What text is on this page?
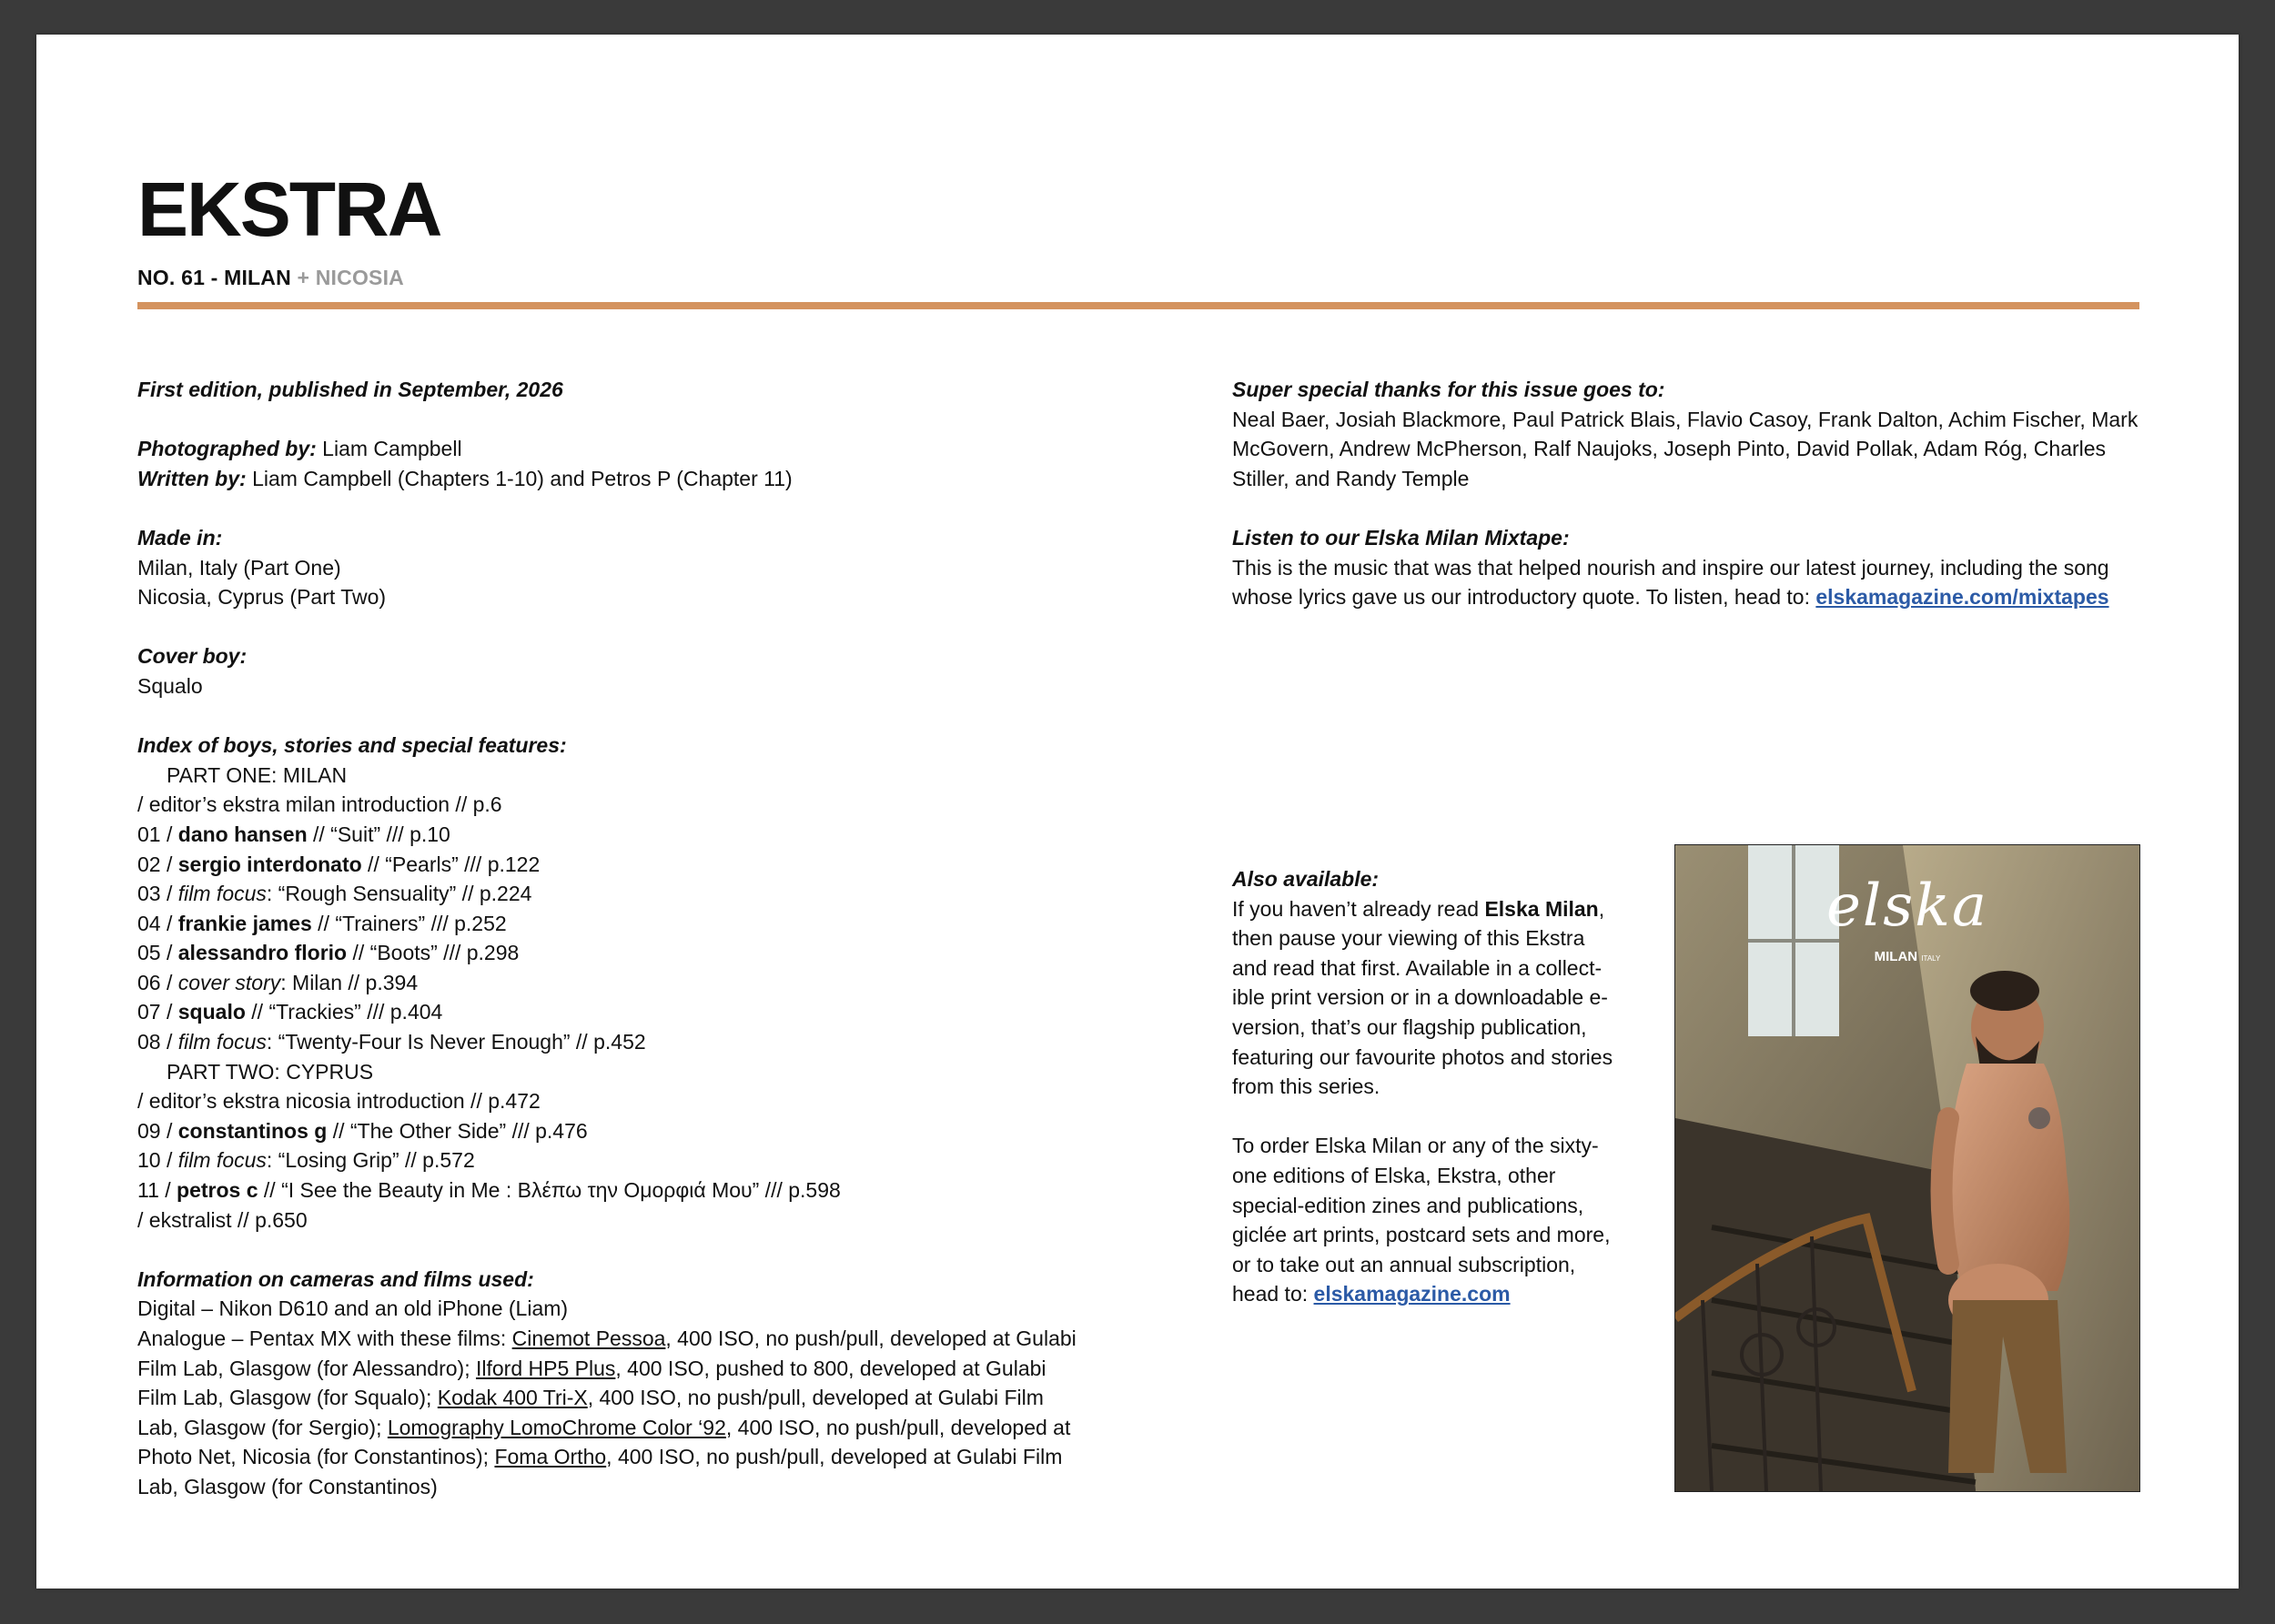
EKSTRA
NO. 61 - MILAN + NICOSIA

First edition, published in September, 2026

Photographed by: Liam Campbell

Written by: Liam Campbell (Chapters 1-10) and Petros P (Chapter 11)

Made in:

Milan, Italy (Part One)

Nicosia, Cyprus (Part Two)

Cover boy:

Squalo

Index of boys, stories and special features:

PART ONE: MILAN

/ editor’s ekstra milan introduction // p.6

01 / dano hansen // “Suit” /// p.10

02 / sergio interdonato // “Pearls” /// p.122

03 / film focus: “Rough Sensuality” // p.224

04 / frankie james // “Trainers” /// p.252

05 / alessandro florio // “Boots” /// p.298

06 / cover story: Milan // p.394

07 / squalo // “Trackies” /// p.404

08 / film focus: “Twenty-Four Is Never Enough” // p.452

PART TWO: CYPRUS

/ editor’s ekstra nicosia introduction // p.472

09 / constantinos g // “The Other Side” /// p.476

10 / film focus: “Losing Grip” // p.572

11 / petros c // “I See the Beauty in Me : Βλέπω την Ομορφιά Μου” /// p.598

/ ekstralist // p.650

Information on cameras and films used:

Digital – Nikon D610 and an old iPhone (Liam)

Analogue – Pentax MX with these films: Cinemot Pessoa, 400 ISO, no push/pull, developed at Gulabi Film Lab, Glasgow (for Alessandro); Ilford HP5 Plus, 400 ISO, pushed to 800, developed at Gulabi Film Lab, Glasgow (for Squalo); Kodak 400 Tri-X, 400 ISO, no push/pull, developed at Gulabi Film Lab, Glasgow (for Sergio); Lomography LomoChrome Color ‘92, 400 ISO, no push/pull, developed at Photo Net, Nicosia (for Constantinos); Foma Ortho, 400 ISO, no push/pull, developed at Gulabi Film Lab, Glasgow (for Constantinos)

Super special thanks for this issue goes to:

Neal Baer, Josiah Blackmore, Paul Patrick Blais, Flavio Casoy, Frank Dalton, Achim Fischer, Mark McGovern, Andrew McPherson, Ralf Naujoks, Joseph Pinto, David Pollak, Adam Róg, Charles Stiller, and Randy Temple

Listen to our Elska Milan Mixtape:

This is the music that was that helped nourish and inspire our latest journey, including the song whose lyrics gave us our introductory quote. To listen, head to: elskamagazine.com/mixtapes

Also available:

If you haven’t already read Elska Milan, then pause your viewing of this Ekstra and read that first. Available in a collectible print version or in a downloadable e-version, that’s our flagship publication, featuring our favourite photos and stories from this series.

To order Elska Milan or any of the sixty-one editions of Elska, Ekstra, other special-edition zines and publications, giclée art prints, postcard sets and more, or to take out an annual subscription, head to: elskamagazine.com

elska
MILAN ITALY
